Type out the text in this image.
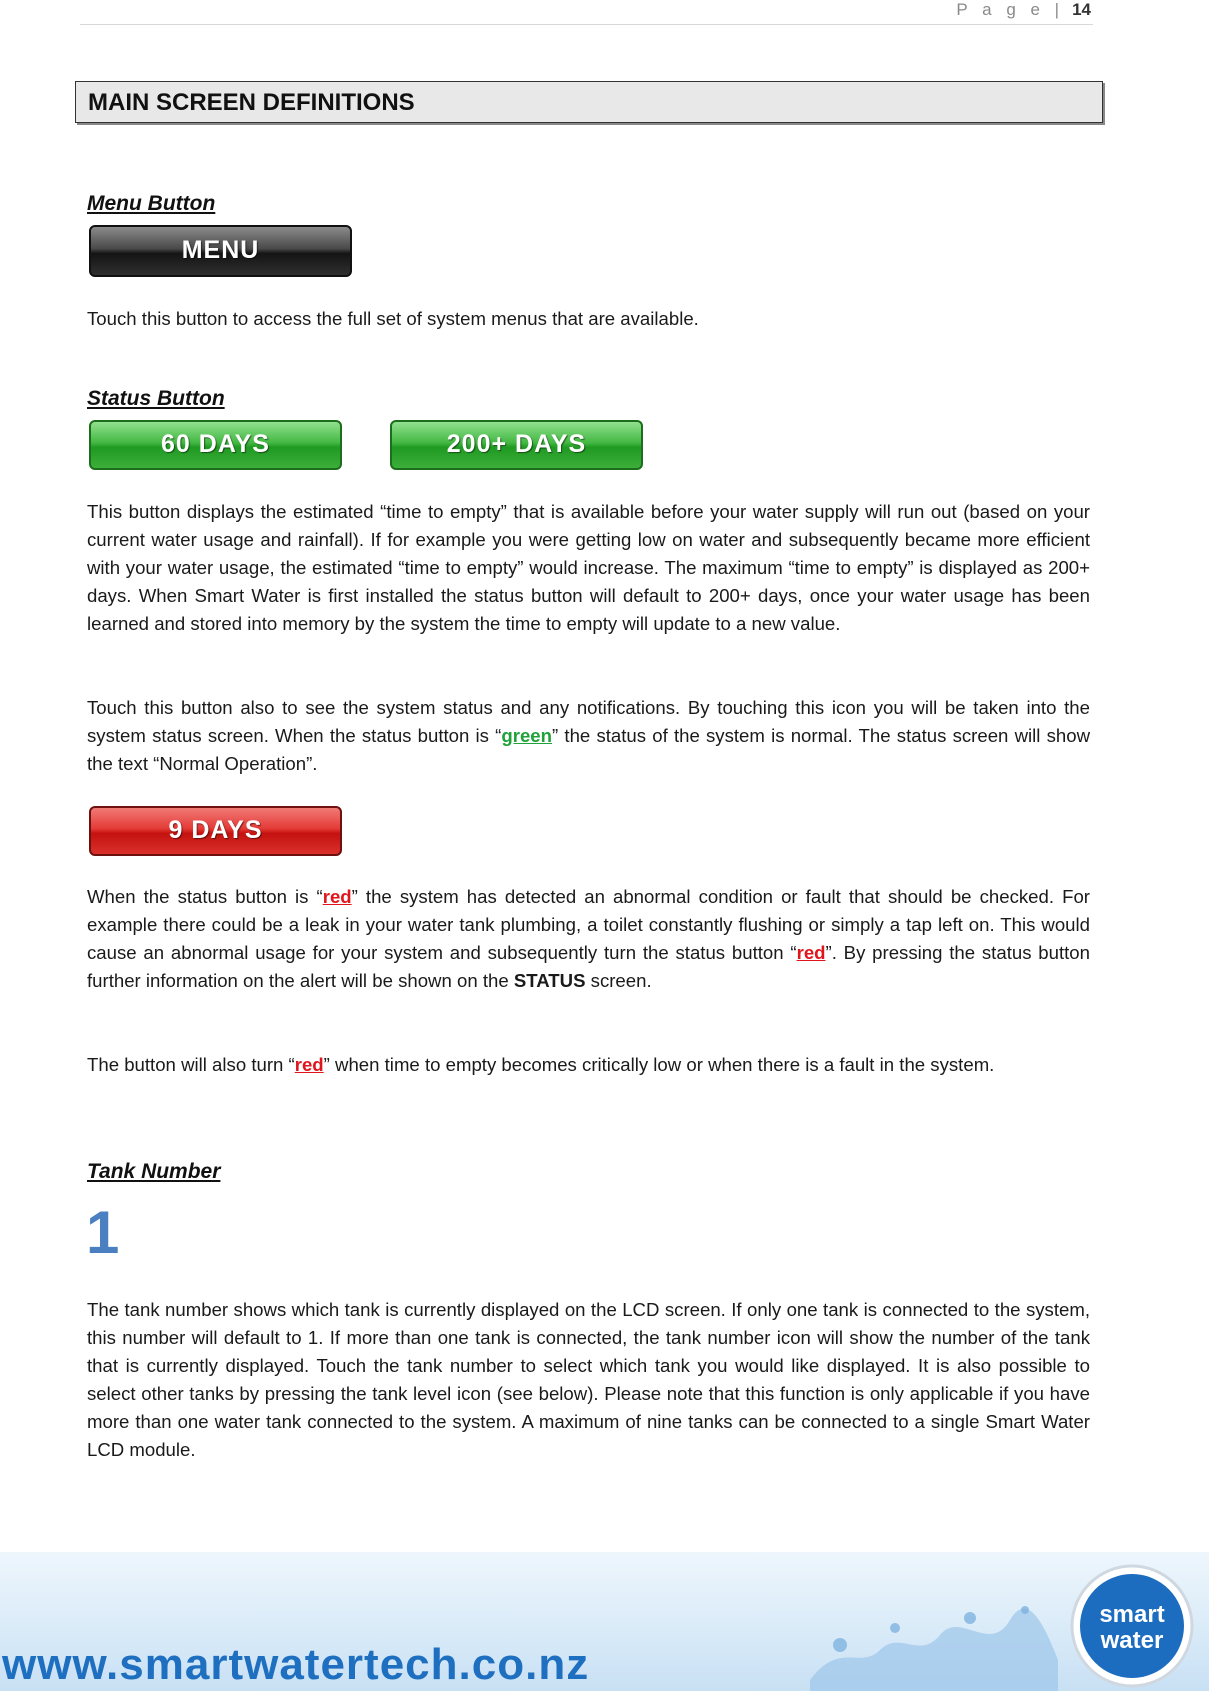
P a g e | 14
MAIN SCREEN DEFINITIONS
Menu Button
MENU
Touch this button to access the full set of system menus that are available.
Status Button
60 DAYS	200+ DAYS
This button displays the estimated “time to empty” that is available before your water supply will run out (based on your current water usage and rainfall). If for example you were getting low on water and subsequently became more efficient with your water usage, the estimated “time to empty” would increase. The maximum “time to empty” is displayed as 200+ days. When Smart Water is first installed the status button will default to 200+ days, once your water usage has been learned and stored into memory by the system the time to empty will update to a new value.
Touch this button also to see the system status and any notifications. By touching this icon you will be taken into the system status screen. When the status button is “green” the status of the system is normal. The status screen will show the text “Normal Operation”.
9 DAYS
When the status button is “red” the system has detected an abnormal condition or fault that should be checked. For example there could be a leak in your water tank plumbing, a toilet constantly flushing or simply a tap left on. This would cause an abnormal usage for your system and subsequently turn the status button “red”. By pressing the status button further information on the alert will be shown on the STATUS screen.
The button will also turn “red” when time to empty becomes critically low or when there is a fault in the system.
Tank Number
1
The tank number shows which tank is currently displayed on the LCD screen. If only one tank is connected to the system, this number will default to 1. If more than one tank is connected, the tank number icon will show the number of the tank that is currently displayed. Touch the tank number to select which tank you would like displayed. It is also possible to select other tanks by pressing the tank level icon (see below). Please note that this function is only applicable if you have more than one water tank connected to the system. A maximum of nine tanks can be connected to a single Smart Water LCD module.
www.smartwatertech.co.nz
smart
water
